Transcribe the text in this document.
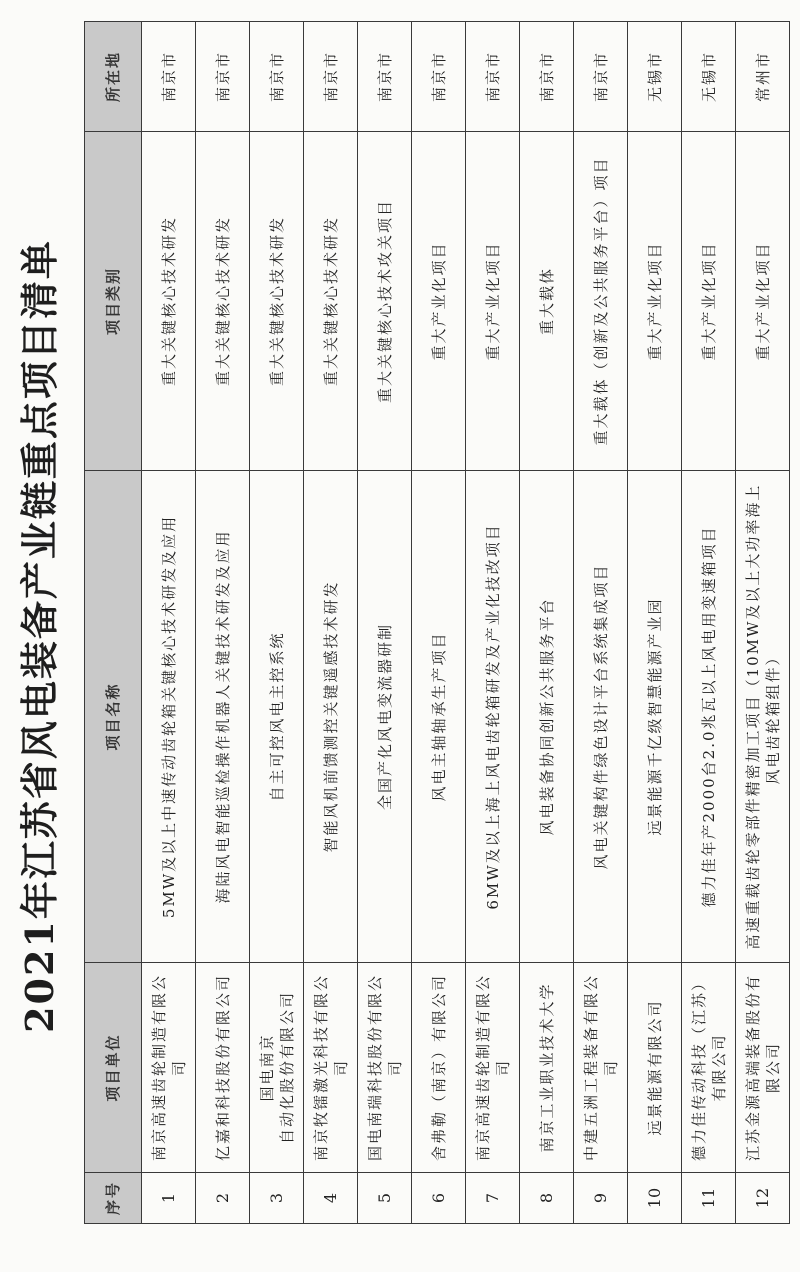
2021年江苏省风电装备产业链重点项目清单
序号	项目单位	项目名称	项目类别	所在地
1	南京高速齿轮制造有限公司	5MW及以上中速传动齿轮箱关键核心技术研发及应用	重大关键核心技术研发	南京市
2	亿嘉和科技股份有限公司	海陆风电智能巡检操作机器人关键技术研发及应用	重大关键核心技术研发	南京市
3	国电南京
自动化股份有限公司	自主可控风电主控系统	重大关键核心技术研发	南京市
4	南京牧镭激光科技有限公司	智能风机前馈测控关键遥感技术研发	重大关键核心技术研发	南京市
5	国电南瑞科技股份有限公司	全国产化风电变流器研制	重大关键核心技术攻关项目	南京市
6	舍弗勒（南京）有限公司	风电主轴轴承生产项目	重大产业化项目	南京市
7	南京高速齿轮制造有限公司	6MW及以上海上风电齿轮箱研发及产业化技改项目	重大产业化项目	南京市
8	南京工业职业技术大学	风电装备协同创新公共服务平台	重大载体	南京市
9	中建五洲工程装备有限公司	风电关键构件绿色设计平台系统集成项目	重大载体（创新及公共服务平台）项目	南京市
10	远景能源有限公司	远景能源千亿级智慧能源产业园	重大产业化项目	无锡市
11	德力佳传动科技（江苏）有限公司	德力佳年产2000台2.0兆瓦以上风电用变速箱项目	重大产业化项目	无锡市
12	江苏金源高端装备股份有限公司	高速重载齿轮零部件精密加工项目（10MW及以上大功率海上风电齿轮箱组件）	重大产业化项目	常州市
